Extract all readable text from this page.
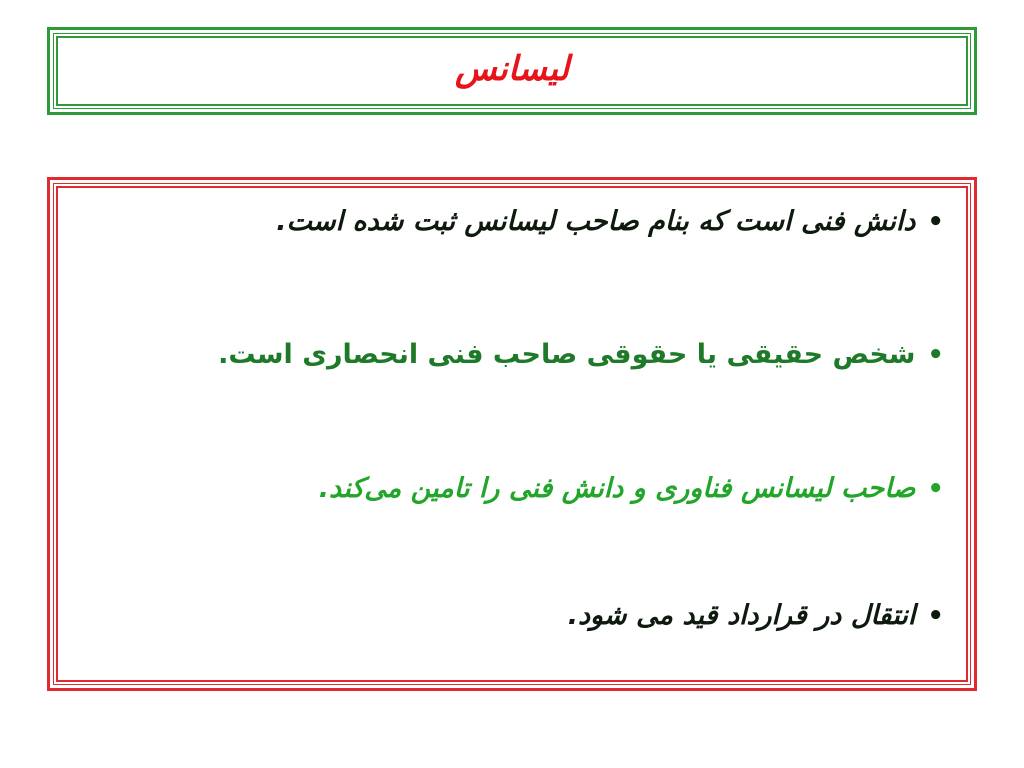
لیسانس
•
دانش فنی است که بنام صاحب لیسانس ثبت شده است.
•
شخص حقیقی یا حقوقی صاحب فنی انحصاری است.
•
صاحب لیسانس فناوری و دانش فنی را تامین می‌کند.
•
انتقال در قرارداد قید می شود.
